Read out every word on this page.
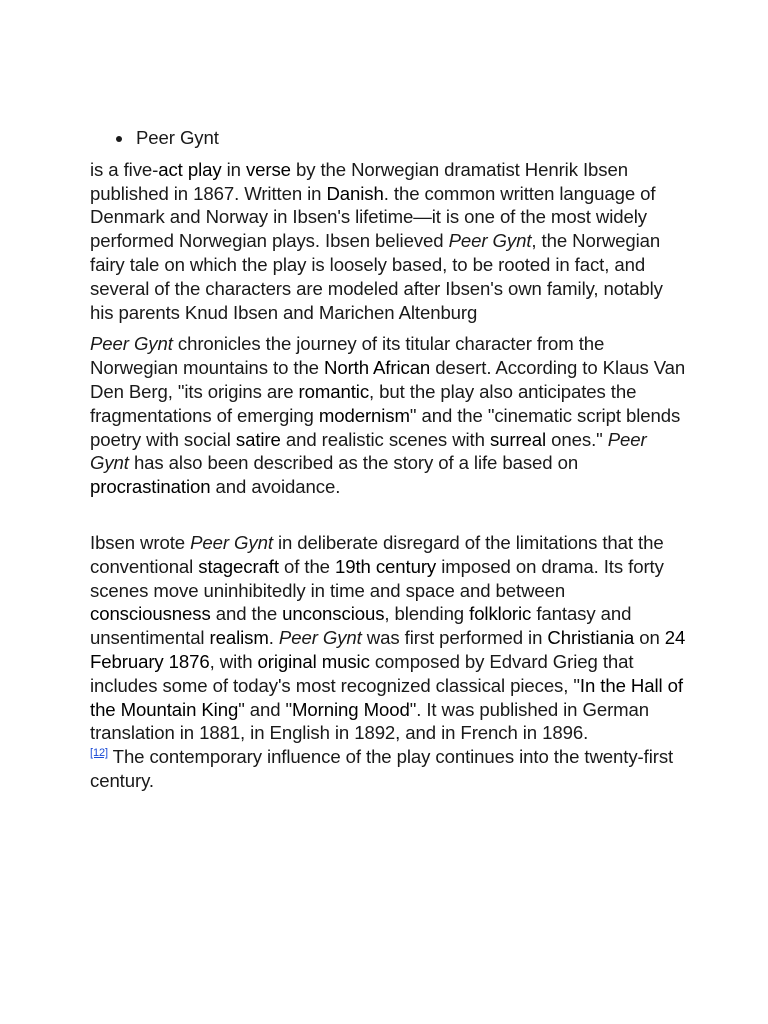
Peer Gynt

is a five-act play in verse by the Norwegian dramatist Henrik Ibsen published in 1867. Written in Danish. the common written language of Denmark and Norway in Ibsen's lifetime—it is one of the most widely performed Norwegian plays. Ibsen believed Peer Gynt, the Norwegian fairy tale on which the play is loosely based, to be rooted in fact, and several of the characters are modeled after Ibsen's own family, notably his parents Knud Ibsen and Marichen Altenburg

Peer Gynt chronicles the journey of its titular character from the Norwegian mountains to the North African desert. According to Klaus Van Den Berg, "its origins are romantic, but the play also anticipates the fragmentations of emerging modernism" and the "cinematic script blends poetry with social satire and realistic scenes with surreal ones." Peer Gynt has also been described as the story of a life based on procrastination and avoidance.

Ibsen wrote Peer Gynt in deliberate disregard of the limitations that the conventional stagecraft of the 19th century imposed on drama. Its forty scenes move uninhibitedly in time and space and between consciousness and the unconscious, blending folkloric fantasy and unsentimental realism. Peer Gynt was first performed in Christiania on 24 February 1876, with original music composed by Edvard Grieg that includes some of today's most recognized classical pieces, "In the Hall of the Mountain King" and "Morning Mood". It was published in German translation in 1881, in English in 1892, and in French in 1896.
[12] The contemporary influence of the play continues into the twenty-first century.
